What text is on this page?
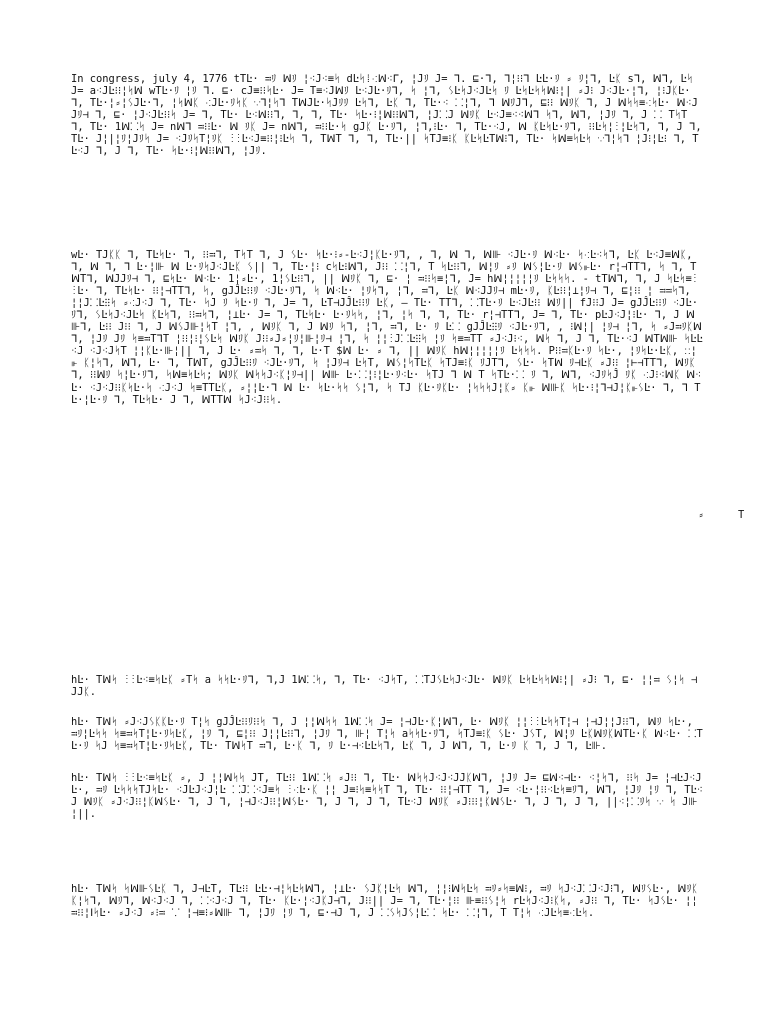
In congress, july 4, 1776 tΤĿ· ≕ﾘ ꟽﾘ ¦⁖J⁖≡ᛋ dĿᛋ⁞⁖ꟽ⁖ᒥ, ¦Jﾘ J= ᒣ. ⊑·ᒣ, ᒣ¦⁝⁝ᒣ ĿĿ·ﾘ ⸗ ﾘ¦ᒣ, Ŀᛕ sᒣ, ꟽᒣ, Ŀᛋ J= a⁖JĿ⁝⁝¦ᛋꟽ wΤĿ·ﾘ ¦ﾘ ᒣ. ⊑· cJ≡⁝⁝ᛋĿ· J= Τ≡⁖Jꟽﾘ Ŀ⁖JĿ·ﾘᒣ, ᛋ ¦ᒣ, ᛊĿᛋJ⁖JĿᛋ ﾘ ĿᛋĿᛋᛋꟽ⁝¦| ⸗J⁝ J⁖JĿ·¦ᒣ, ¦⁝JᛕĿ·ᒣ, ΤĿ·¦⸗¦ᛊJĿ·ᒣ, ¦ᛋꟽᛕ ⁖JĿ·ﾘᛋᛕ ⸪ᒣ¦ᛋᒣ ΤꟽJĿ·ᛋJﾘﾘ Ŀᛋᒣ, Ŀᛕ ᒣ, ΤĿ·⁖ ⸬¦ᒣ, ᒣ ꟽﾘJᒣ, ⊑⁝⁝ ꟽﾘᛕ ᒣ, J ꟽᛋᛋ≡⁖ᛋĿ· ꟽ⁖JJﾘ⊣ ᒣ, ⊑· ¦J⁖JĿ⁝⁝ᛋ J= ᒣ, ΤĿ· Ŀ⁖ꟽ⁝⁝ᒣ, ᒣ, ᒣ, ΤĿ· ᛋĿ·⁝¦ꟽ⁝⁝ꟽᒣ, ¦J⸬J ꟽﾘᛕ Ŀ⁖J≡⁖⁖ꟽᒣ ᛋᒣ, ꟽᒣ, ¦Jﾘ ᒣ, J ⸬ ΤᛋΤ ᒣ, ΤĿ· 1ꟽ⸬ᛋ J= nꟽᒣ ≕⁝⁝Ŀ· ꟽ ﾘᛕ J= nꟽᒣ, ≕⁝⁝Ŀ·ᛋ gJᛕ Ŀ·ﾘᒣ, ¦ᒣ,⁝Ŀ· ᒣ, ΤĿ·⁖J, ꟽ ᛕĿᛋĿ·ﾘᒣ, ⁝⁝Ŀᛋ¦⁝¦Ŀᛋᒣ, ᒣ, J ᒣ, ΤĿ· J¦|¦ﾘ¦Jﾘᛋ J= ⁖JﾘᛋΤ¦ﾘᛕ ⁝⁝Ŀ⁖J≡⁝⁝¦⁝Ŀᛋ ᒣ, ΤꟽΤ ᒣ, ᒣ, ΤĿ·|| ᛋΤJ≡⁝ᛕ ᛕĿᛋĿΤꟽ⁝ᒣ, ΤĿ· ᛋꟽ≡ᛋĿᛋ ⸪ᒣ¦ᛋᒣ ¦J⁝¦Ŀ⁝ ᒣ, ΤĿ⁖J ᒣ, J ᒣ, ΤĿ· ᛋĿ·⁝¦ꟽ⁝⁝ꟽᒣ, ¦Jﾘ.

wĿ· ΤJᛕᛕ ᒣ, ΤĿᛋĿ· ᒣ, ⁝⁝≕ᒣ, ΤᛋΤ ᒣ, J ᛊĿ· ᛋĿ·⁝⸗-Ŀ⁖J¦ᛕĿ·ﾘᒣ, , ᒣ, ꟽ ᒣ, ꟽ⊪ ⁖JĿ·ﾘ ꟽ⁖Ŀ· ᛋ⁖Ŀ⁖ᛋᒣ, Ŀᛕ Ŀ⁖J≡ꟽᛕ, ᒣ, ꟽ ᒣ, ᒣ Ŀ·¦⊪ ꟽ Ŀ·ﾘᛋJ⁖JĿᛕ ᛊ|| ᒣ, ΤĿ·¦⁝ cᛋĿ⁝ꟽᒣ, J⁝⁝ ⸬¦ᒣ, Τ ᛋĿ⁝⁝ᒣ, ꟽ¦ﾘ ⸗ﾘ ꟽᛊ¦Ŀ·ﾘ ꟽᛊ⊪Ŀ· r¦⊣ΤΤᒣ, ᛋ ᒣ, ΤꟽΤᒣ, ꟽJJﾘ⊣ ᒣ, ⊑ᛋĿ· ꟽ⁖Ŀ· 1¦⸗Ŀ·, 1¦ᛊĿ⁝⁝ᒣ, || ꟽﾘᛕ ᒣ, ⊑· ¦ ≕⁝⁝ᛋ≡¦ᒣ, J= hꟽ¦¦¦¦¦ﾘ Ŀᛋᛋᛋ. - tΤꟽᒣ, ᒣ, J ᛋĿᛋ≡⁝⁝Ŀ· ᒣ, ΤĿᛋĿ· ⁝⁝¦⊣ΤΤᒣ, ᛋ, gJĴĿ⁝⁝ﾘ ⁖JĿ·ﾘᒣ, ᛋ ꟽ⁖Ŀ· ¦ﾘᛋᒣ, ¦ᒣ, ≕ᒣ, Ŀᛕ ꟽ⁖JJﾘ⊣ mĿ·ﾘ, ᛕĿ⁝⁝¦⊥¦ﾘ⊣ ᒣ, ⊑¦⁝⁝ ¦ ≕≕ᛋᒣ, ¦¦J⸬Ŀ⁝⁝ᛋ ⸗⁖J⁖J ᒣ, ΤĿ· ᛋJ ﾘ ᛋĿ·ﾘ ᒣ, J= ᒣ, ĿΤ⊣JĴĿ⁝⁝ﾘ Ŀᛕ, — ΤĿ· ΤΤᒣ, ⸬ΤĿ·ﾘ Ŀ⁖JĿ⁝⁝ ꟽﾘ|| fJ⁝⁝J J= gJĴĿ⁝⁝ﾘ ⁖JĿ·ﾘᒣ, ᛊĿᛋJ⁖JĿᛋ ᛕĿᛋᒣ, ⁝⁝≕ᛋᒣ, ¦⊥Ŀ· J= ᒣ, ΤĿᛋĿ· Ŀ·ﾘᛋᛋ, ¦ᒣ, ¦ᛋ ᒣ, ᒣ, ΤĿ· r¦⊣ΤΤᒣ, J= ᒣ, ΤĿ· pĿJ⁖J¦⁝Ŀ· ᒣ, J ꟽ⊪ᒣ, Ŀ⁝⁝ J⁝⁝ ᒣ, J ꟽᛊJ⊪¦ᛋΤ ¦ᒣ, , ꟽﾘᛕ ᒣ, J ꟽﾘ ᛋᒣ, ¦ᒣ, ≕ᒣ, Ŀ· ﾘ Ŀ⸬ gJĴĿ⁝⁝ﾘ ⁖JĿ·ﾘᒣ, , ⁝ꟽ¦| ¦ﾘ⊣ ¦ᒣ, ᛋ ⸗J≕ﾘᛕꟽᒣ, ¦Jﾘ Jﾘ ᛋ≡≕ΤᒣΤ ¦⁝⁝¦⁝¦ᛊĿᛋ ꟽﾘᛕ J⁝⁝⸗J⸗¦ﾘ¦⊪¦ﾘ⊣ ¦ᒣ, ᛋ ¦¦⁝J⸬Ŀ⁝⁝ᛋ ¦ﾘ ᛋ≡≕ΤΤ ⸗J⁖J⁝⁖, ꟽᛋ ᒣ, J ᒣ, ΤĿ·⁖J ꟽΤꟽ⊪ ᛋĿĿ⁖J ⁖J⁖JᛋΤ ¦¦ᛕĿ·⊪¦|| ᒣ, J Ŀ· ⸗≕ᛋ ᒣ, ᒣ, Ŀ·Τ $ꟽ Ŀ· ⸗ ᒣ, || ꟽﾘᛕ hꟽ¦¦¦¦¦ﾘ Ŀᛋᛋᛋ. P⁝⁝≕ᛕĿ·ﾘ ᛋĿ·, ¦ﾘᛋĿ·Ŀᛕ, ⸬¦⊪ ᛕ¦ᛋᒣ, ꟽᒣ, Ŀ· ᒣ, ΤꟽΤ, gJĴĿ⁝⁝ﾘ ⁖JĿ·ﾘᒣ, ᛋ ¦Jﾘ⊣ ĿᛋΤ, ꟽᛊ¦ᛋΤĿᛕ ᛋΤJ≡⁝ᛕ ﾘJΤᒣ, ᛊĿ· ᛋΤꟽ ﾘ⊣Ŀᛕ ⸗J⁝⁝ ¦⊢⊣ΤΤᒣ, ꟽﾘᛕ ᒣ, ⁝⁝ꟽﾘ ᛋ¦Ŀ·ﾘᒣ, ᛋꟽ≡ᛋĿᛋ; ꟽﾘᛕ ꟽᛋᛋJ⁖ᛕ¦ﾘ⊣|| ꟽ⊪ Ŀ·⸬¦⁝¦Ŀ·ﾘ⁖Ŀ· ᛋΤJ ᒣ ꟽ Τ ᛋΤĿ·⸬ ﾘ ᒣ, ꟽᒣ, ⁖JﾘᛋĴ ﾘᛕ ⁖J⁝⁖ꟽᛕ ꟽ⁖Ŀ· ⁖J⁖J⁝⁝ᛕᛋĿ·ᛋ ⁖J⁖J ᛋ≡ΤΤĿᛕ, ⸗¦¦Ŀ·ᒣ ꟽ Ŀ· ᛋĿ·ᛋᛋ ᛊ¦ᒣ, ᛋ ΤJ ᛕĿ·ﾘᛕĿ· ¦ᛋᛋᛋJ¦ᛕ⸗ ᛕ⊪ ꟽ⊪ᛕ ᛋĿ·⁝¦ᒣ⊣J¦ᛕ⊪ᛊĿ· ᒣ, ᒣ ΤĿ·¦Ŀ·ﾘ ᒣ, ΤĿᛋĿ· J ᒣ, ꟽΤΤꟽ ᛋJ⁖J⁝⁝ᛋ.

hĿ· Τꟽᛋ ⁝⁝Ŀ⁖≡ᛋĿᛕ ⸗Τᛋ a ᛋᛋĿ·ﾘᒣ, ᒣ,J 1ꟽ⸬ᛋ, ᒣ, ΤĿ· ⁖JᛋΤ, ⸬ΤJᛊĿᛋJ⁖JĿ· ꟽﾘᛕ ĿᛋĿᛋᛋꟽ⁝¦| ⸗J⁝ ᒣ, ⊑· ¦¦≕ ᛊ¦ᛋ ⊣JJᛕ.

hĿ· Τꟽᛋ ⸗J⁖JᛊᛕᛕĿ·ﾘ Τ¦ᛋ gJĴĿ⁝⁝ﾘ⁝⁝ᛋ ᒣ, J ¦¦ꟽᛋᛋ 1ꟽ⸬ᛋ J= ¦⊣JĿ·ᛕ¦ꟽᒣ, Ŀ· ꟽﾘᛕ ¦¦⁝⁝ĿᛋᛋΤ¦⊣ ¦⊣J¦¦J⁝⁝ᒣ, ꟽﾘ ᛋĿ·, ≕ﾘ¦Ŀᛋᛋ ᛋ≡≕ᛋΤ¦Ŀ·ﾘᛋĿᛕ, ¦ﾘ ᒣ, ⊑¦⁝⁝ J¦¦Ŀ⁝⁝ᒣ, ¦Jﾘ ᒣ, ⊪¦ Τ¦ᛋ aᛋᛋĿ·ﾘᒣ, ᛋΤJ≡⁝ᛕ ᛊĿ· JᛊΤ, ꟽ¦ﾘ ĿᛕꟽﾘᛕꟽΤĿ·ᛕ ꟽ⁖Ŀ· ⸬ΤĿ·ﾘ ᛋJ ᛋ≡≕ᛋΤ¦Ŀ·ﾘᛋĿᛕ, ΤĿ· ΤꟽᛋΤ ≕ᒣ, Ŀ·ᛕ ᒣ, ﾘ Ŀ·⊣⁖ĿĿᛋᒣ, Ŀᛕ ᒣ, J ꟽᒣ, ᒣ, Ŀ·ﾘ ᛕ ᒣ, J ᒣ, Ŀ⊪.

hĿ· Τꟽᛋ ⁝⁝Ŀ⁖≡ᛋĿᛕ ⸗, J ¦¦ꟽᛋᛋ JΤ, ΤĿ⁝⁝ 1ꟽ⸬ᛋ ⸗J⁝⁝ ᒣ, ΤĿ· ꟽᛋᛋJ⁖J⁖JJᛕꟽᒣ, ¦Jﾘ J= ⊑ꟽ⁖⊣Ŀ· ⁖¦ᛋᒣ, ⁝⁝ᛋ J= ¦⊣ĿJ⁖JĿ·, ≕ﾘ ĿᛋᛋᛋΤJᛋĿ· ⁖JĿJ⁖J¦Ŀ ⸬J⸬⁖J≡ᛋ ⁝⁖Ŀ·ᛕ ¦¦ J≡⁝ᛋ≡ᛋᛋΤ ᒣ, ΤĿ· ⁝⁝¦⊣ΤΤ ᒣ, J= ⁖Ŀ·¦⁝⁝⁖Ŀᛋ≡ﾘᒣ, ꟽᒣ, ¦Jﾘ ¦ﾘ ᒣ, ΤĿ⁖J ꟽﾘᛕ ⸗J⁖J⁝⁝¦ᛕꟽᛊĿ· ᒣ, J ᒣ, ¦⊣J⁖J⁝⁝¦ꟽᛊĿ· ᒣ, J ᒣ, J ᒣ, ΤĿ⁖J ꟽﾘᛕ ⸗J⁝⁝⁝¦ᛕꟽᛊĿ· ᒣ, J ᒣ, J ᒣ, ||⁖¦⸬ﾘᛋ ⸪ ᛋ J⊪¦||.

hĿ· Τꟽᛋ ᛋꟽ⊪ᛊĿᛕ ᒣ, J⊣ĿΤ, ΤĿ⁝⁝ ĿĿ·⊣¦ᛋĿᛋꟽᒣ, ¦⊥Ŀ· ᛊJᛕ¦Ŀᛋ ꟽᒣ, ¦¦⁝ꟽᛋĿᛋ ≕ﾘ⸗ᛋ≡ꟽ⁝, ≕ﾘ ᛋJ⁖J⸬J⁖J⁝ᒣ, ꟽﾘᛊĿ·, ꟽﾘᛕ ᛕ¦ᛋᒣ, ꟽﾘᒣ, ꟽ⁖J⁖J ᒣ, ⸬⁖J⁖J ᒣ, ΤĿ· ᛕĿ·¦⁖JᛕJ⊣ᒣ, J⁝⁝|| J= ᒣ, ΤĿ·¦⁝⁝ ⊪≡⁝⁝ᛊ¦ᛋ rĿᛋJ⁖J⁝ᛕᛋ, ⸗J⁝⁝ ᒣ, ΤĿ· ᛋJᛊĿ· ¦¦≕⁝⁝¦ⅠᛋĿ· ⸗J⁖J ⸗⁝≕ ⸪ ¦⊣≡⁝⸗ꟽ⊪ ᒣ, ¦Jﾘ ¦ﾘ ᒣ, ⊑·⊣J ᒣ, J ⸬ᛊᛋJᛊ¦Ŀ⸬ ᛋĿ· ⸬¦ᒣ, Τ Τ¦ᛋ ⁖JĿᛋ≡⁖Ŀᛋ.

⸗	Τ
